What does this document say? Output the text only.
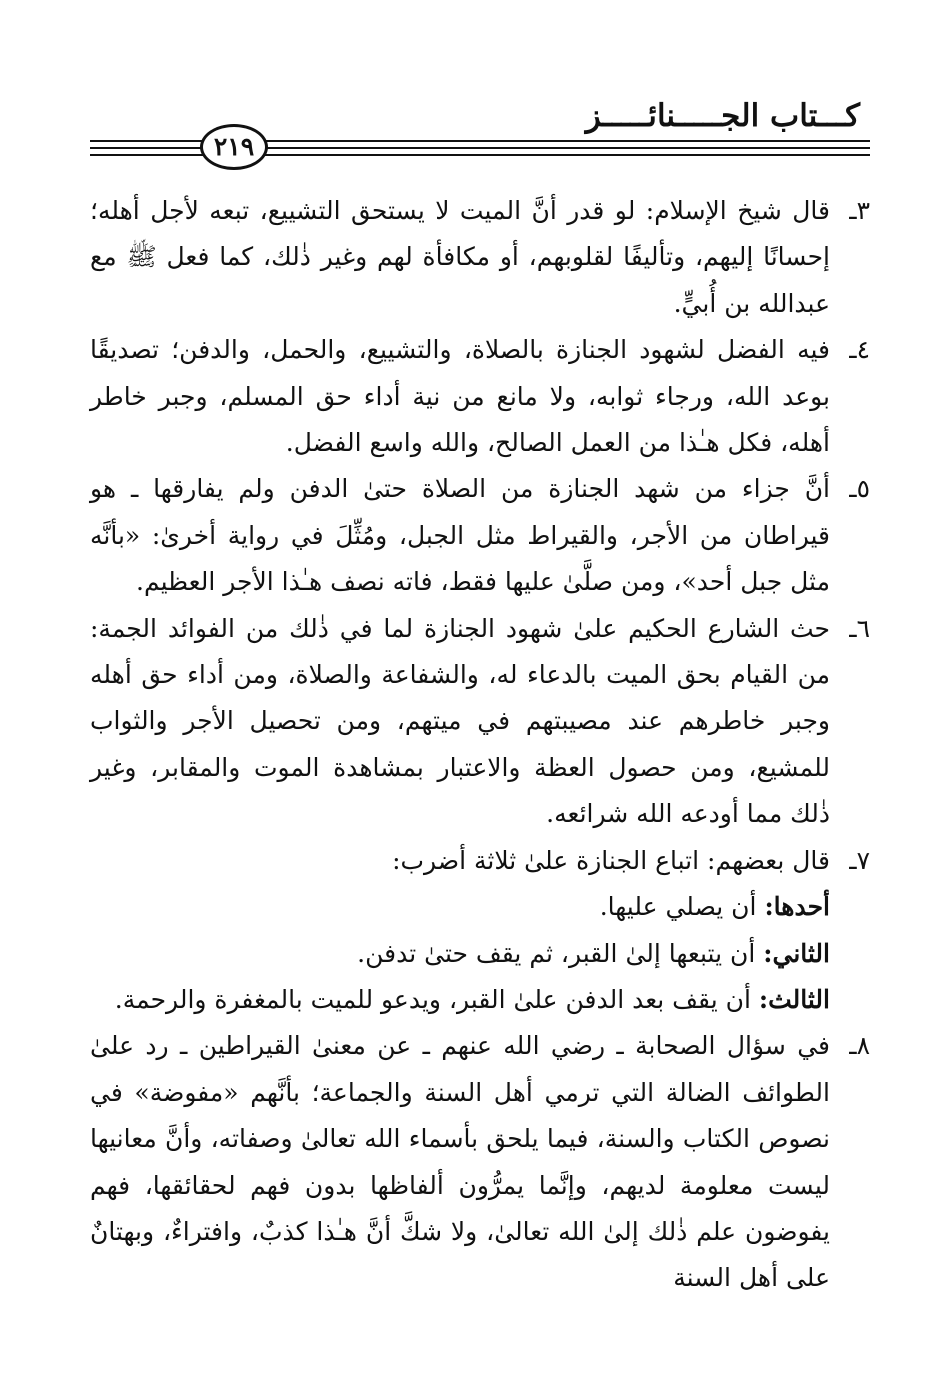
كـــتاب الجـــــنائـــــز
٢١٩

٣ـ
قال شيخ الإسلام: لو قدر أنَّ الميت لا يستحق التشييع، تبعه لأجل أهله؛ إحسانًا إليهم، وتأليفًا لقلوبهم، أو مكافأة لهم وغير ذٰلك، كما فعل ﷺ مع عبدالله بن أُبيٍّ.

٤ـ
فيه الفضل لشهود الجنازة بالصلاة، والتشييع، والحمل، والدفن؛ تصديقًا بوعد الله، ورجاء ثوابه، ولا مانع من نية أداء حق المسلم، وجبر خاطر أهله، فكل هـٰذا من العمل الصالح، والله واسع الفضل.

٥ـ
أنَّ جزاء من شهد الجنازة من الصلاة حتىٰ الدفن ولم يفارقها ـ هو قيراطان من الأجر، والقيراط مثل الجبل، ومُثِّلَ في رواية أخرىٰ: «بأنَّه مثل جبل أحد»، ومن صلَّىٰ عليها فقط، فاته نصف هـٰذا الأجر العظيم.

٦ـ
حث الشارع الحكيم علىٰ شهود الجنازة لما في ذٰلك من الفوائد الجمة: من القيام بحق الميت بالدعاء له، والشفاعة والصلاة، ومن أداء حق أهله وجبر خاطرهم عند مصيبتهم في ميتهم، ومن تحصيل الأجر والثواب للمشيع، ومن حصول العظة والاعتبار بمشاهدة الموت والمقابر، وغير ذٰلك مما أودعه الله شرائعه.

٧ـ
قال بعضهم: اتباع الجنازة علىٰ ثلاثة أضرب:

أحدها: أن يصلي عليها.

الثاني: أن يتبعها إلىٰ القبر، ثم يقف حتىٰ تدفن.

الثالث: أن يقف بعد الدفن علىٰ القبر، ويدعو للميت بالمغفرة والرحمة.

٨ـ
في سؤال الصحابة ـ رضي الله عنهم ـ عن معنىٰ القيراطين ـ رد علىٰ الطوائف الضالة التي ترمي أهل السنة والجماعة؛ بأنَّهم «مفوضة» في نصوص الكتاب والسنة، فيما يلحق بأسماء الله تعالىٰ وصفاته، وأنَّ معانيها ليست معلومة لديهم، وإنَّما يمرُّون ألفاظها بدون فهم لحقائقها، فهم يفوضون علم ذٰلك إلىٰ الله تعالىٰ، ولا شكَّ أنَّ هـٰذا كذبٌ، وافتراءٌ، وبهتانٌ على أهل السنة
